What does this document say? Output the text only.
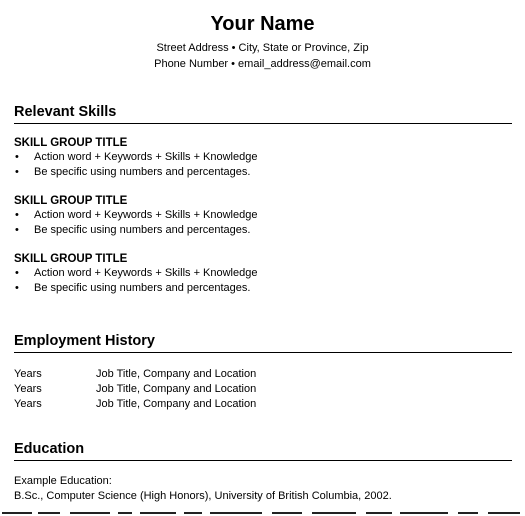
Your Name
Street Address • City, State or Province, Zip
Phone Number • email_address@email.com
Relevant Skills
SKILL GROUP TITLE
• Action word + Keywords + Skills + Knowledge
• Be specific using numbers and percentages.
SKILL GROUP TITLE
• Action word + Keywords + Skills + Knowledge
• Be specific using numbers and percentages.
SKILL GROUP TITLE
• Action word + Keywords + Skills + Knowledge
• Be specific using numbers and percentages.
Employment History
Years	Job Title, Company and Location
Years	Job Title, Company and Location
Years	Job Title, Company and Location
Education
Example Education:
B.Sc., Computer Science (High Honors), University of British Columbia, 2002.
